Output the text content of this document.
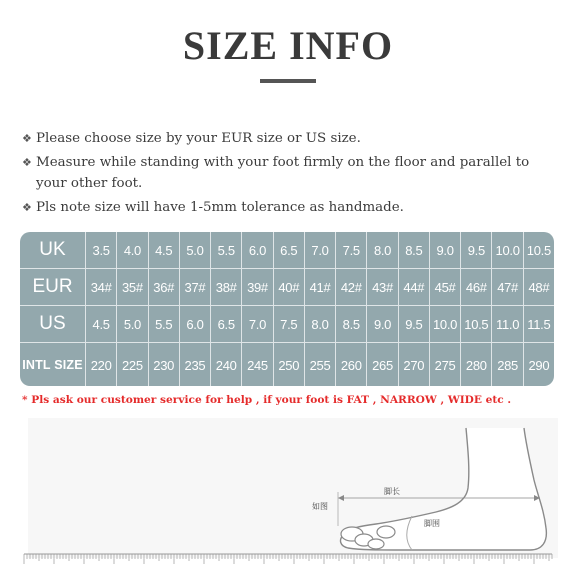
SIZE INFO
❖ Please choose size by your EUR size or US size.
❖ Measure while standing with your foot firmly on the floor and parallel to your other foot.
❖ Pls note size will have 1-5mm tolerance as handmade.
UK	3.5	4.0	4.5	5.0	5.5	6.0	6.5	7.0	7.5	8.0	8.5	9.0	9.5 10.0 10.5
EUR	34# 35# 36# 37# 38# 39# 40# 41# 42# 43# 44# 45# 46# 47# 48#
US	4.5	5.0	5.5	6.0	6.5	7.0	7.5	8.0	8.5	9.0	9.5 10.0 10.5 11.0 11.5
INTL SIZE 220 225 230 235 240 245 250 255 260 265 270 275 280 285 290
* Pls ask our customer service for help , if your foot is FAT , NARROW , WIDE etc .
脚长
脚围
如图
